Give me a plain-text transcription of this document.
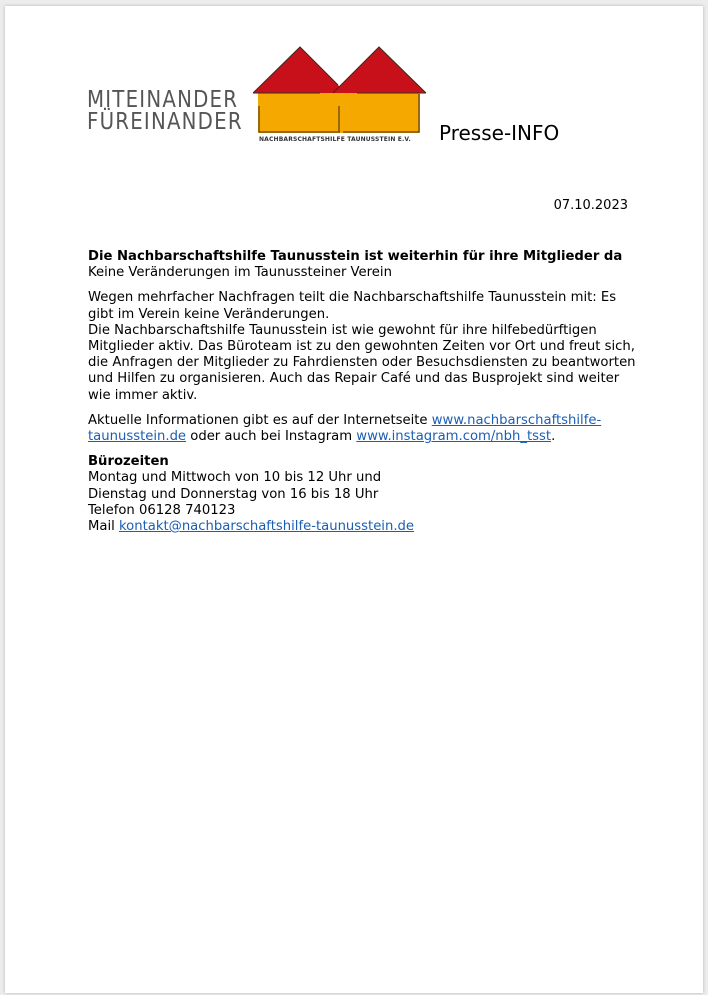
MITEINANDER
FÜREINANDER
NACHBARSCHAFTSHILFE TAUNUSSTEIN E.V. Presse-INFO
07.10.2023

Die Nachbarschaftshilfe Taunusstein ist weiterhin für ihre Mitglieder da

Keine Veränderungen im Taunussteiner Verein

Wegen mehrfacher Nachfragen teilt die Nachbarschaftshilfe Taunusstein mit: Es gibt im Verein keine Veränderungen.

Die Nachbarschaftshilfe Taunusstein ist wie gewohnt für ihre hilfebedürftigen Mitglieder aktiv. Das Büroteam ist zu den gewohnten Zeiten vor Ort und freut sich, die Anfragen der Mitglieder zu Fahrdiensten oder Besuchsdiensten zu beantworten und Hilfen zu organisieren. Auch das Repair Café und das Busprojekt sind weiter wie immer aktiv.

Aktuelle Informationen gibt es auf der Internetseite www.nachbarschaftshilfe-taunusstein.de oder auch bei Instagram www.instagram.com/nbh_tsst.

Bürozeiten

Montag und Mittwoch von 10 bis 12 Uhr und

Dienstag und Donnerstag von 16 bis 18 Uhr

Telefon 06128 740123

Mail kontakt@nachbarschaftshilfe-taunusstein.de
